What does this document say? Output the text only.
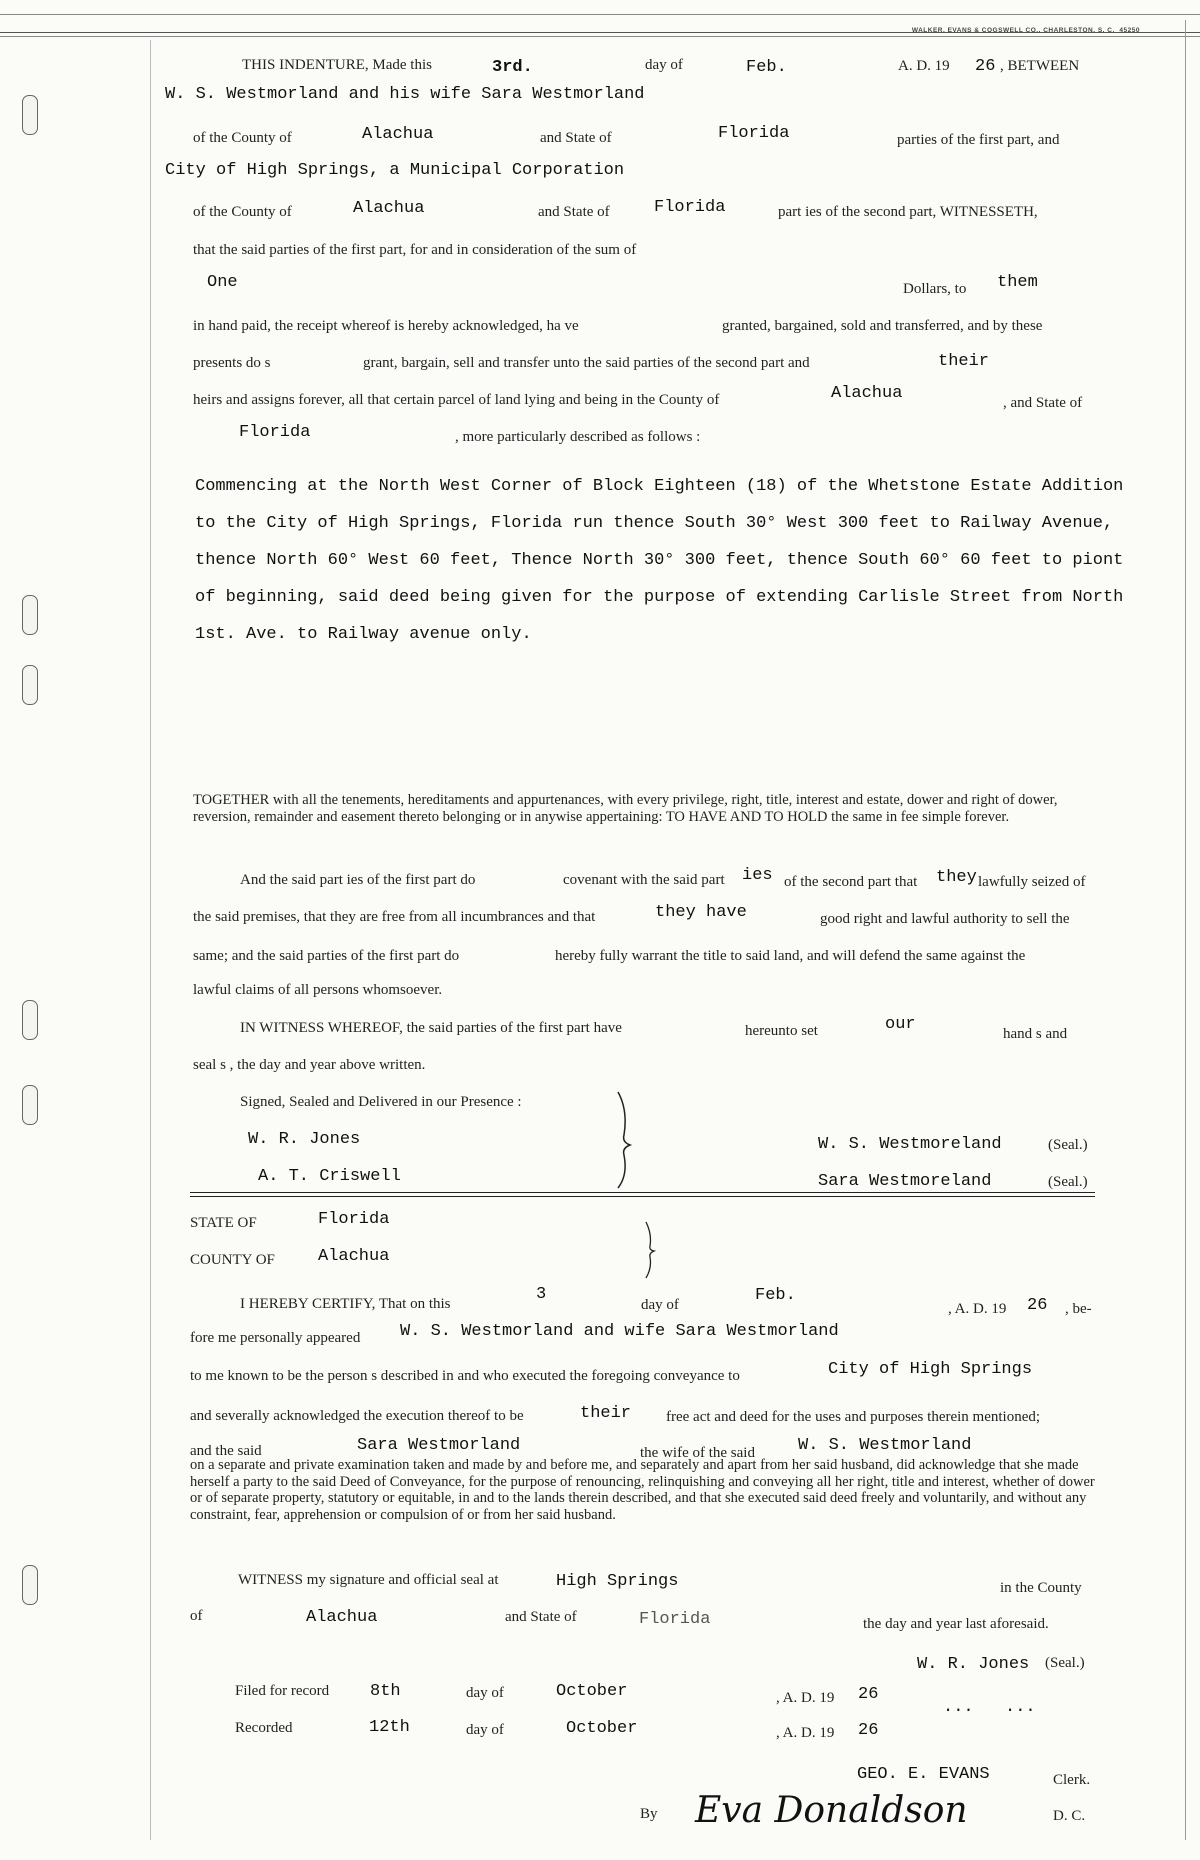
WALKER, EVANS & COGSWELL CO., CHARLESTON, S. C. 45250
THIS INDENTURE, Made this	3rd.	day of	Feb.	A. D. 19 26 , BETWEEN
W. S. Westmorland and his wife Sara Westmorland
of the County of	Alachua	and State of	Florida	parties of the first part, and
City of High Springs, a Municipal Corporation
of the County of	Alachua	and State of	Florida	part ies of the second part, WITNESSETH,
that the said parties of the first part, for and in consideration of the sum of
One	Dollars, to them
in hand paid, the receipt whereof is hereby acknowledged, ha ve	granted, bargained, sold and transferred, and by these
presents do s	grant, bargain, sell and transfer unto the said parties of the second part and	their
heirs and assigns forever, all that certain parcel of land lying and being in the County of	Alachua	, and State of
Florida	, more particularly described as follows :
Commencing at the North West Corner of Block Eighteen (18) of the Whetstone Estate Addition to the City of High Springs, Florida run thence South 30° West 300 feet to Railway Avenue, thence North 60° West 60 feet, Thence North 30° 300 feet, thence South 60° 60 feet to piont of beginning, said deed being given for the purpose of extending Carlisle Street from North 1st. Ave. to Railway avenue only.
TOGETHER with all the tenements, hereditaments and appurtenances, with every privilege, right, title, interest and estate, dower and right of dower, reversion, remainder and easement thereto belonging or in anywise appertaining: TO HAVE AND TO HOLD the same in fee simple forever.
And the said part ies of the first part do	covenant with the said part ies of the second part that they lawfully seized of
the said premises, that they are free from all incumbrances and that	they have	good right and lawful authority to sell the
same; and the said parties of the first part do	hereby fully warrant the title to said land, and will defend the same against the
lawful claims of all persons whomsoever.
IN WITNESS WHEREOF, the said parties of the first part have	hereunto set	our	hand s and
seal s , the day and year above written.
Signed, Sealed and Delivered in our Presence :
W. R. Jones
A. T. Criswell
W. S. Westmoreland	(Seal.)
Sara Westmoreland	(Seal.)
STATE OF	Florida
COUNTY OF	Alachua
I HEREBY CERTIFY, That on this	3
day of	Feb.
, A. D. 19 26 , be-
fore me personally appeared W. S. Westmorland and wife Sara Westmorland
to me known to be the person s described in and who executed the foregoing conveyance to	City of High Springs
and severally acknowledged the execution thereof to be	their free act and deed for the uses and purposes therein mentioned;
and the said	Sara Westmorland	the wife of the said	W. S. Westmorland
on a separate and private examination taken and made by and before me, and separately and apart from her said husband, did acknowledge that she made herself a party to the said Deed of Conveyance, for the purpose of renouncing, relinquishing and conveying all her right, title and interest, whether of dower or of separate property, statutory or equitable, in and to the lands therein described, and that she executed said deed freely and voluntarily, and without any constraint, fear, apprehension or compulsion of or from her said husband.
WITNESS my signature and official seal at	High Springs	in the County
of	Alachua	and State of	Florida	the day and year last aforesaid.
W. R. Jones (Seal.)
... ...
Filed for record 8th	day of	October	, A. D. 19 26
Recorded	12th	day of	October	, A. D. 19 26
GEO. E. EVANS	Clerk.
By Eva Donaldson	D. C.
